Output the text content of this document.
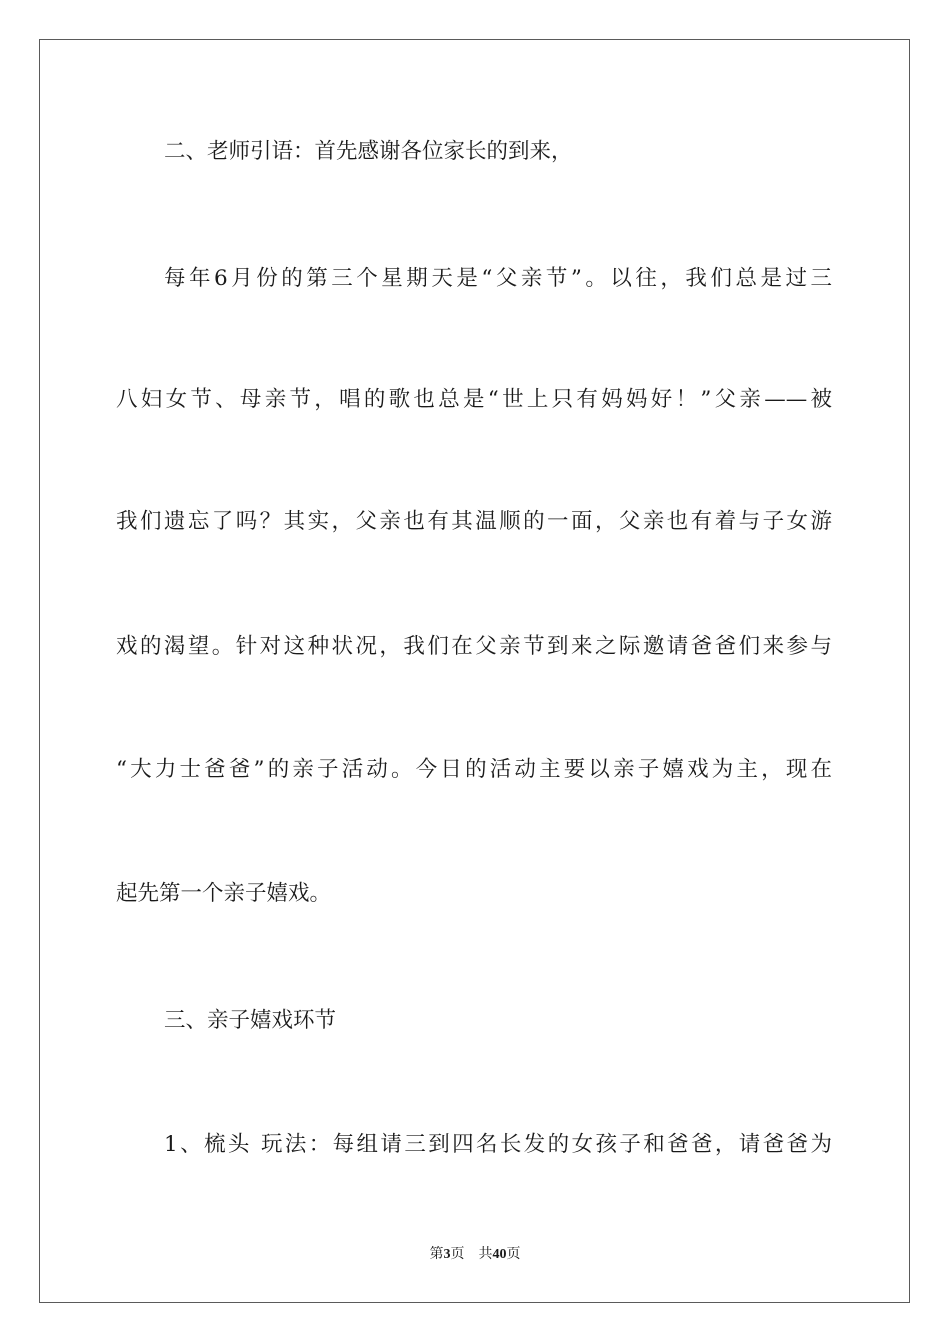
二、老师引语：首先感谢各位家长的到来，
每年6月份的第三个星期天是“父亲节”。以往，我们总是过三
八妇女节、母亲节，唱的歌也总是“世上只有妈妈好！”父亲——被
我们遗忘了吗？其实，父亲也有其温顺的一面，父亲也有着与子女游
戏的渴望。针对这种状况，我们在父亲节到来之际邀请爸爸们来参与
“大力士爸爸”的亲子活动。今日的活动主要以亲子嬉戏为主，现在
起先第一个亲子嬉戏。
三、亲子嬉戏环节
1、梳头 玩法：每组请三到四名长发的女孩子和爸爸，请爸爸为
第3页 共40页
